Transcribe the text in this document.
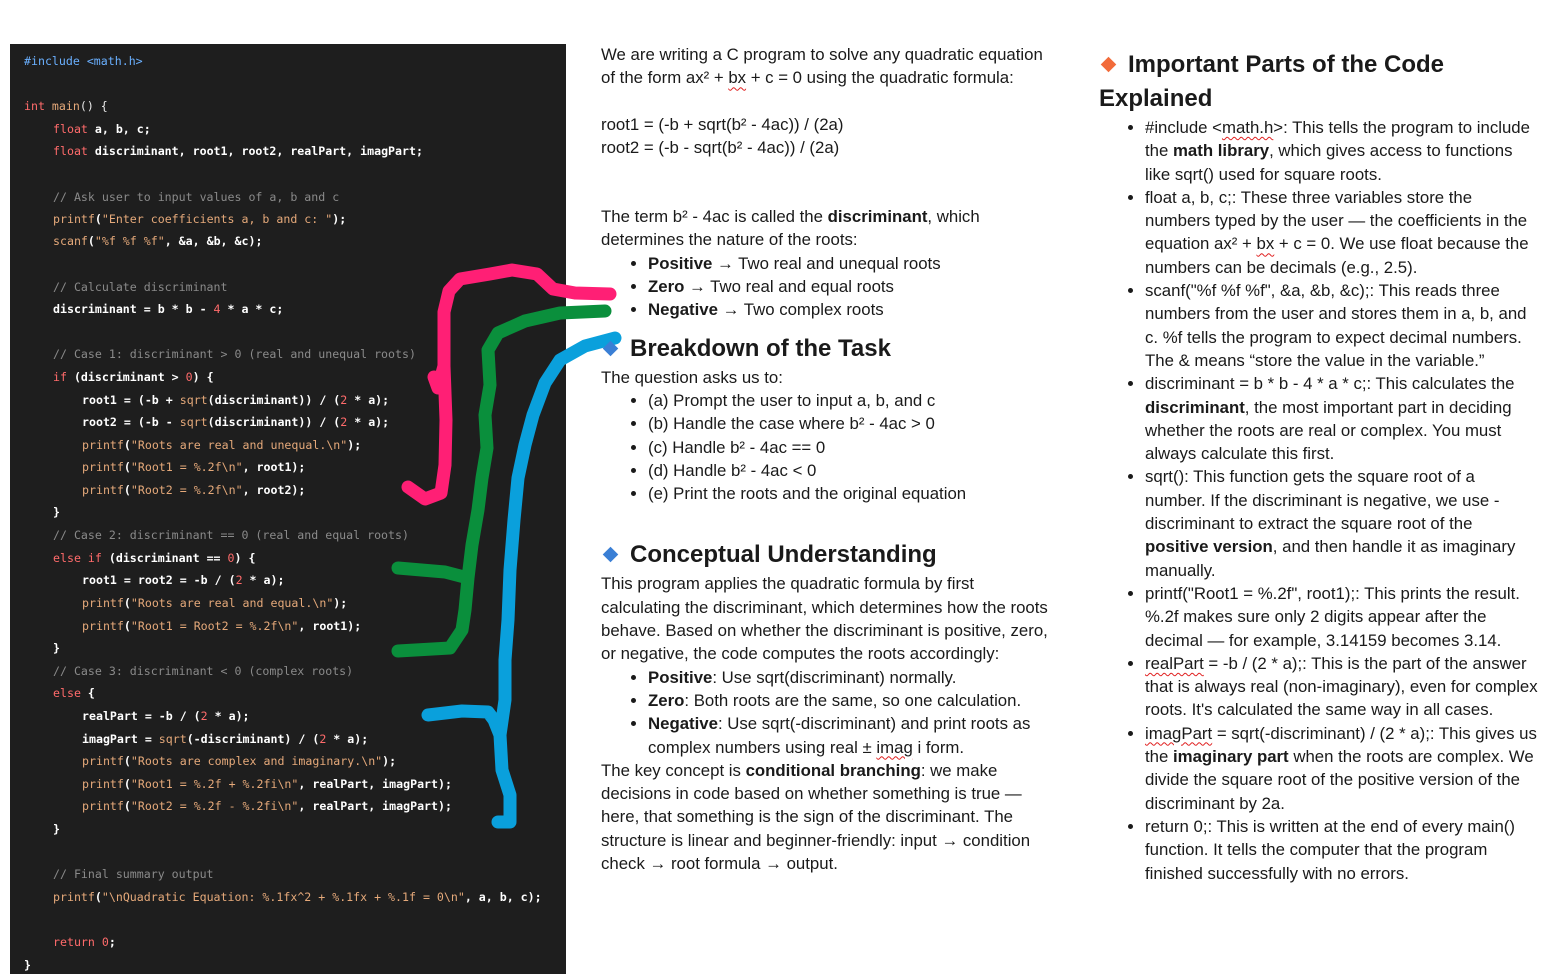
#include <math.h>
int main() {
float a, b, c;
float discriminant, root1, root2, realPart, imagPart;
// Ask user to input values of a, b and c
printf("Enter coefficients a, b and c: ");
scanf("%f %f %f", &a, &b, &c);
// Calculate discriminant
discriminant = b * b - 4 * a * c;
// Case 1: discriminant > 0 (real and unequal roots)
if (discriminant > 0) {
root1 = (-b + sqrt(discriminant)) / (2 * a);
root2 = (-b - sqrt(discriminant)) / (2 * a);
printf("Roots are real and unequal.\n");
printf("Root1 = %.2f\n", root1);
printf("Root2 = %.2f\n", root2);
}
// Case 2: discriminant == 0 (real and equal roots)
else if (discriminant == 0) {
root1 = root2 = -b / (2 * a);
printf("Roots are real and equal.\n");
printf("Root1 = Root2 = %.2f\n", root1);
}
// Case 3: discriminant < 0 (complex roots)
else {
realPart = -b / (2 * a);
imagPart = sqrt(-discriminant) / (2 * a);
printf("Roots are complex and imaginary.\n");
printf("Root1 = %.2f + %.2fi\n", realPart, imagPart);
printf("Root2 = %.2f - %.2fi\n", realPart, imagPart);
}
// Final summary output
printf("\nQuadratic Equation: %.1fx^2 + %.1fx + %.1f = 0\n", a, b, c);
return 0;
}

We are writing a C program to solve any quadratic equation of the form ax² + bx + c = 0 using the quadratic formula:

root1 = (-b + sqrt(b² - 4ac)) / (2a)

root2 = (-b - sqrt(b² - 4ac)) / (2a)

The term b² - 4ac is called the discriminant, which determines the nature of the roots:

• Positive → Two real and unequal roots
• Zero → Two real and equal roots
• Negative → Two complex roots
Breakdown of the Task

The question asks us to:

• (a) Prompt the user to input a, b, and c
• (b) Handle the case where b² - 4ac > 0
• (c) Handle b² - 4ac == 0
• (d) Handle b² - 4ac < 0
• (e) Print the roots and the original equation
Conceptual Understanding

This program applies the quadratic formula by first calculating the discriminant, which determines how the roots behave. Based on whether the discriminant is positive, zero, or negative, the code computes the roots accordingly:

• Positive: Use sqrt(discriminant) normally.
• Zero: Both roots are the same, so one calculation.
• Negative: Use sqrt(-discriminant) and print roots as complex numbers using real ± imag i form.

The key concept is conditional branching: we make decisions in code based on whether something is true — here, that something is the sign of the discriminant. The structure is linear and beginner-friendly: input → condition check → root formula → output.

Important Parts of the Code Explained
• #include <math.h>: This tells the program to include the math library, which gives access to functions like sqrt() used for square roots.
• float a, b, c;: These three variables store the numbers typed by the user — the coefficients in the equation ax² + bx + c = 0. We use float because the numbers can be decimals (e.g., 2.5).
• scanf("%f %f %f", &a, &b, &c);: This reads three numbers from the user and stores them in a, b, and c. %f tells the program to expect decimal numbers. The & means “store the value in the variable.”
• discriminant = b * b - 4 * a * c;: This calculates the discriminant, the most important part in deciding whether the roots are real or complex. You must always calculate this first.
• sqrt(): This function gets the square root of a number. If the discriminant is negative, we use -discriminant to extract the square root of the positive version, and then handle it as imaginary manually.
• printf("Root1 = %.2f", root1);: This prints the result. %.2f makes sure only 2 digits appear after the decimal — for example, 3.14159 becomes 3.14.
• realPart = -b / (2 * a);: This is the part of the answer that is always real (non-imaginary), even for complex roots. It's calculated the same way in all cases.
• imagPart = sqrt(-discriminant) / (2 * a);: This gives us the imaginary part when the roots are complex. We divide the square root of the positive version of the discriminant by 2a.
• return 0;: This is written at the end of every main() function. It tells the computer that the program finished successfully with no errors.
